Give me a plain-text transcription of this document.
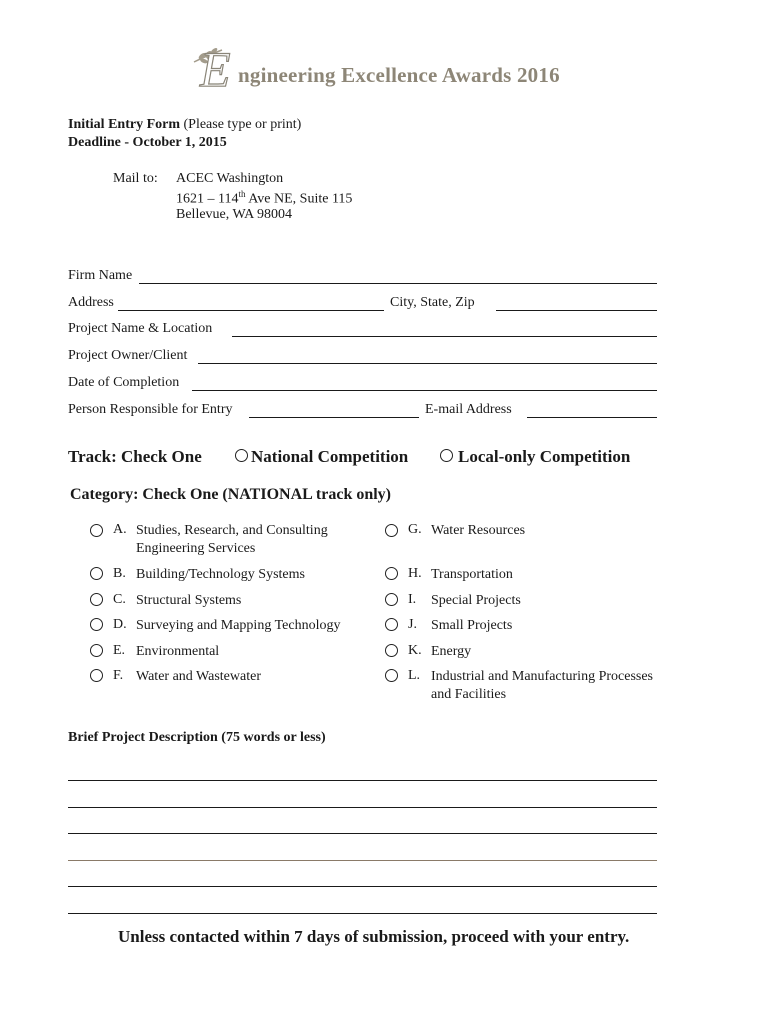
E ngineering Excellence Awards 2016
Initial Entry Form (Please type or print)
Deadline - October 1, 2015
Mail to: ACEC Washington
1621 – 114th Ave NE, Suite 115
Bellevue, WA 98004
Firm Name
Address	City, State, Zip
Project Name & Location
Project Owner/Client
Date of Completion
Person Responsible for Entry	E-mail Address
Track: Check One	National Competition	Local-only Competition
Category: Check One (NATIONAL track only)
A. Studies, Research, and Consulting
Engineering Services
B. Building/Technology Systems
C. Structural Systems
D. Surveying and Mapping Technology
E. Environmental
F. Water and Wastewater
G. Water Resources
H. Transportation
I. Special Projects
J. Small Projects
K. Energy
L. Industrial and Manufacturing Processes
and Facilities
Brief Project Description (75 words or less)
Unless contacted within 7 days of submission, proceed with your entry.
